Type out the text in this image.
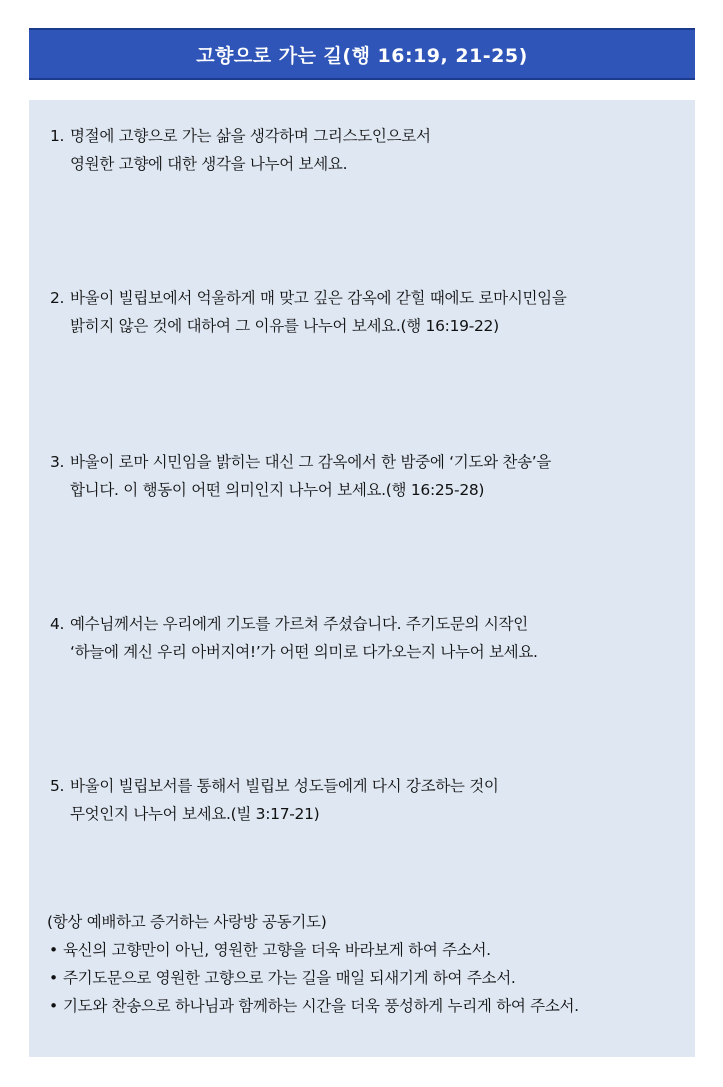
고향으로 가는 길(행 16:19, 21-25)
1. 명절에 고향으로 가는 삶을 생각하며 그리스도인으로서
영원한 고향에 대한 생각을 나누어 보세요.
2. 바울이 빌립보에서 억울하게 매 맞고 깊은 감옥에 갇힐 때에도 로마시민임을
밝히지 않은 것에 대하여 그 이유를 나누어 보세요.(행 16:19-22)
3. 바울이 로마 시민임을 밝히는 대신 그 감옥에서 한 밤중에 ‘기도와 찬송’을
합니다. 이 행동이 어떤 의미인지 나누어 보세요.(행 16:25-28)
4. 예수님께서는 우리에게 기도를 가르쳐 주셨습니다. 주기도문의 시작인
‘하늘에 계신 우리 아버지여!’가 어떤 의미로 다가오는지 나누어 보세요.
5. 바울이 빌립보서를 통해서 빌립보 성도들에게 다시 강조하는 것이
무엇인지 나누어 보세요.(빌 3:17-21)
(항상 예배하고 증거하는 사랑방 공동기도)
• 육신의 고향만이 아닌, 영원한 고향을 더욱 바라보게 하여 주소서.
• 주기도문으로 영원한 고향으로 가는 길을 매일 되새기게 하여 주소서.
• 기도와 찬송으로 하나님과 함께하는 시간을 더욱 풍성하게 누리게 하여 주소서.
